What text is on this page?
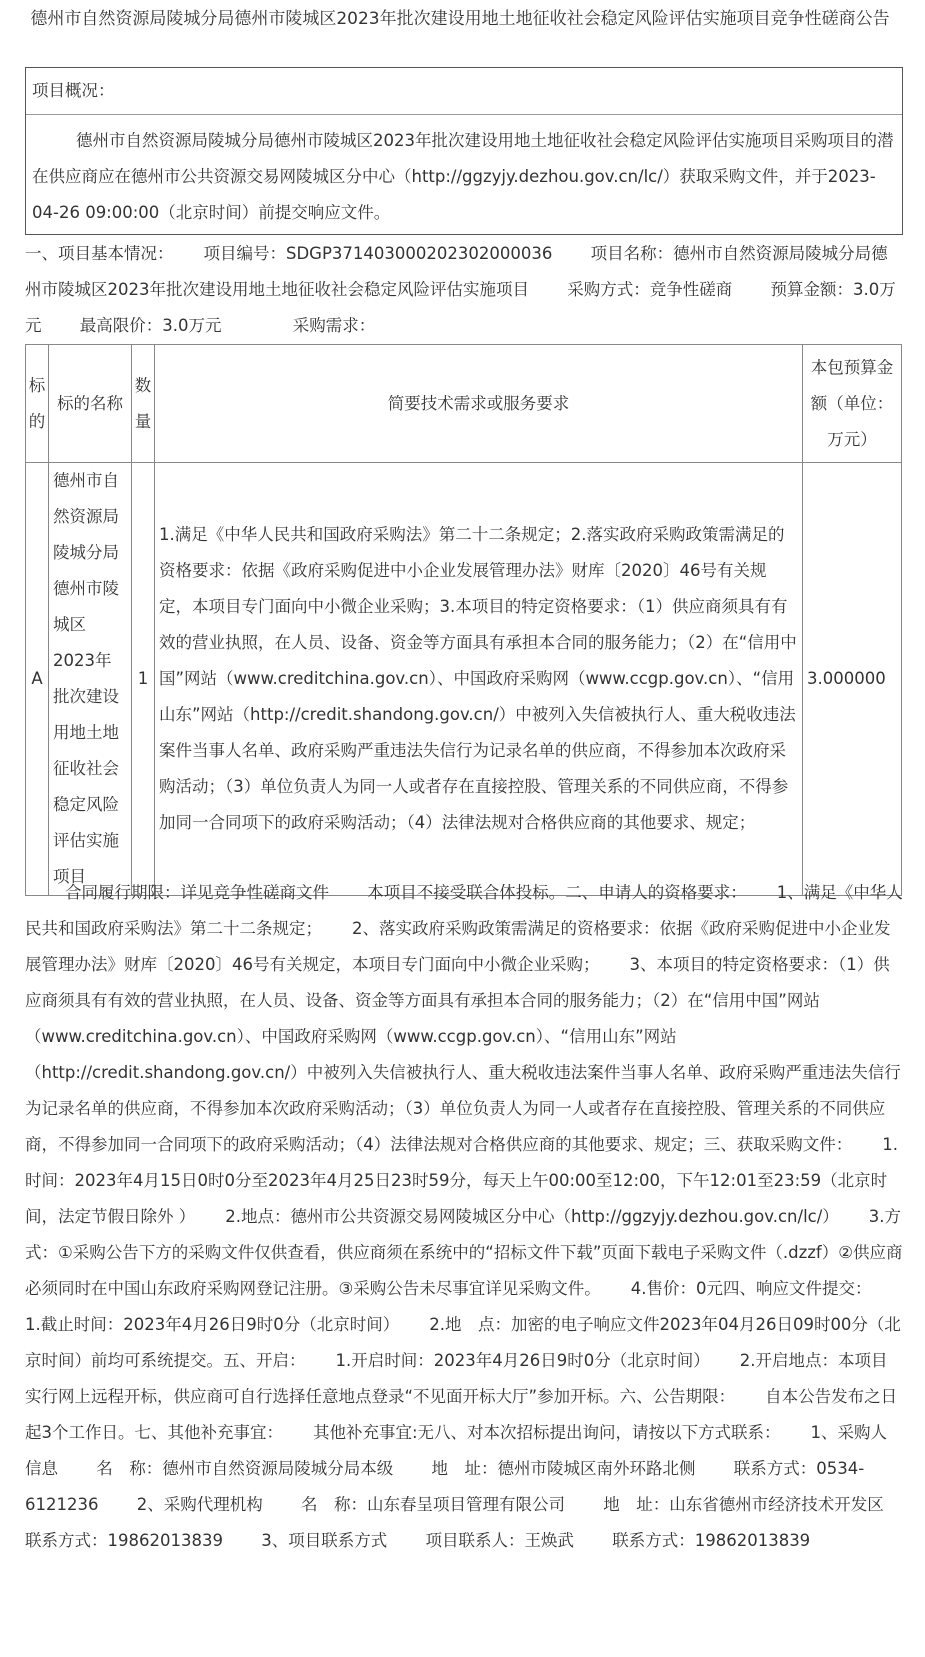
德州市自然资源局陵城分局德州市陵城区2023年批次建设用地土地征收社会稳定风险评估实施项目竞争性磋商公告
项目概况：
德州市自然资源局陵城分局德州市陵城区2023年批次建设用地土地征收社会稳定风险评估实施项目采购项目的潜在供应商应在德州市公共资源交易网陵城区分中心（http://ggzyjy.dezhou.gov.cn/lc/）获取采购文件，并于2023-04-26 09:00:00（北京时间）前提交响应文件。
一、项目基本情况：　　 项目编号：SDGP371403000202302000036　　 项目名称：德州市自然资源局陵城分局德州市陵城区2023年批次建设用地土地征收社会稳定风险评估实施项目　　 采购方式：竞争性磋商　　 预算金额：3.0万元　　 最高限价：3.0万元　　　　 采购需求：
标的	标的名称	数量	简要技术需求或服务要求	本包预算金额（单位：万元）
A	德州市自然资源局陵城分局德州市陵城区2023年批次建设用地土地征收社会稳定风险评估实施项目	1	1.满足《中华人民共和国政府采购法》第二十二条规定；2.落实政府采购政策需满足的资格要求：依据《政府采购促进中小企业发展管理办法》财库〔2020〕46号有关规定，本项目专门面向中小微企业采购；3.本项目的特定资格要求：（1）供应商须具有有效的营业执照，在人员、设备、资金等方面具有承担本合同的服务能力；（2）在“信用中国”网站（www.creditchina.gov.cn）、中国政府采购网（www.ccgp.gov.cn）、“信用山东”网站（http://credit.shandong.gov.cn/）中被列入失信被执行人、重大税收违法案件当事人名单、政府采购严重违法失信行为记录名单的供应商，不得参加本次政府采购活动；（3）单位负责人为同一人或者存在直接控股、管理关系的不同供应商，不得参加同一合同项下的政府采购活动；（4）法律法规对合格供应商的其他要求、规定；	3.000000
合同履行期限：详见竞争性磋商文件　　 本项目不接受联合体投标。二、申请人的资格要求：　　 1、满足《中华人民共和国政府采购法》第二十二条规定；　　 2、落实政府采购政策需满足的资格要求：依据《政府采购促进中小企业发展管理办法》财库〔2020〕46号有关规定，本项目专门面向中小微企业采购；　　 3、本项目的特定资格要求：（1）供应商须具有有效的营业执照，在人员、设备、资金等方面具有承担本合同的服务能力；（2）在“信用中国”网站（www.creditchina.gov.cn）、中国政府采购网（www.ccgp.gov.cn）、“信用山东”网站（http://credit.shandong.gov.cn/）中被列入失信被执行人、重大税收违法案件当事人名单、政府采购严重违法失信行为记录名单的供应商，不得参加本次政府采购活动；（3）单位负责人为同一人或者存在直接控股、管理关系的不同供应商，不得参加同一合同项下的政府采购活动；（4）法律法规对合格供应商的其他要求、规定；三、获取采购文件：　　 1.时间：2023年4月15日0时0分至2023年4月25日23时59分，每天上午00:00至12:00，下午12:01至23:59（北京时间，法定节假日除外 ）　　 2.地点：德州市公共资源交易网陵城区分中心（http://ggzyjy.dezhou.gov.cn/lc/）　　 3.方式：①采购公告下方的采购文件仅供查看，供应商须在系统中的“招标文件下载”页面下载电子采购文件（.dzzf）②供应商必须同时在中国山东政府采购网登记注册。③采购公告未尽事宜详见采购文件。　　 4.售价：0元四、响应文件提交：　　 1.截止时间：2023年4月26日9时0分（北京时间）　　 2.地　点：加密的电子响应文件2023年04月26日09时00分（北京时间）前均可系统提交。五、开启：　　 1.开启时间：2023年4月26日9时0分（北京时间）　　 2.开启地点：本项目实行网上远程开标，供应商可自行选择任意地点登录“不见面开标大厅”参加开标。六、公告期限：　　 自本公告发布之日起3个工作日。七、其他补充事宜：　　 其他补充事宜:无八、对本次招标提出询问，请按以下方式联系：　　 1、采购人信息　　 名　称：德州市自然资源局陵城分局本级　　 地　址：德州市陵城区南外环路北侧　　 联系方式：0534-6121236　　 2、采购代理机构　　 名　称：山东春呈项目管理有限公司　　 地　址：山东省德州市经济技术开发区　　 联系方式：19862013839　　 3、项目联系方式　　 项目联系人：王焕武　　 联系方式：19862013839
